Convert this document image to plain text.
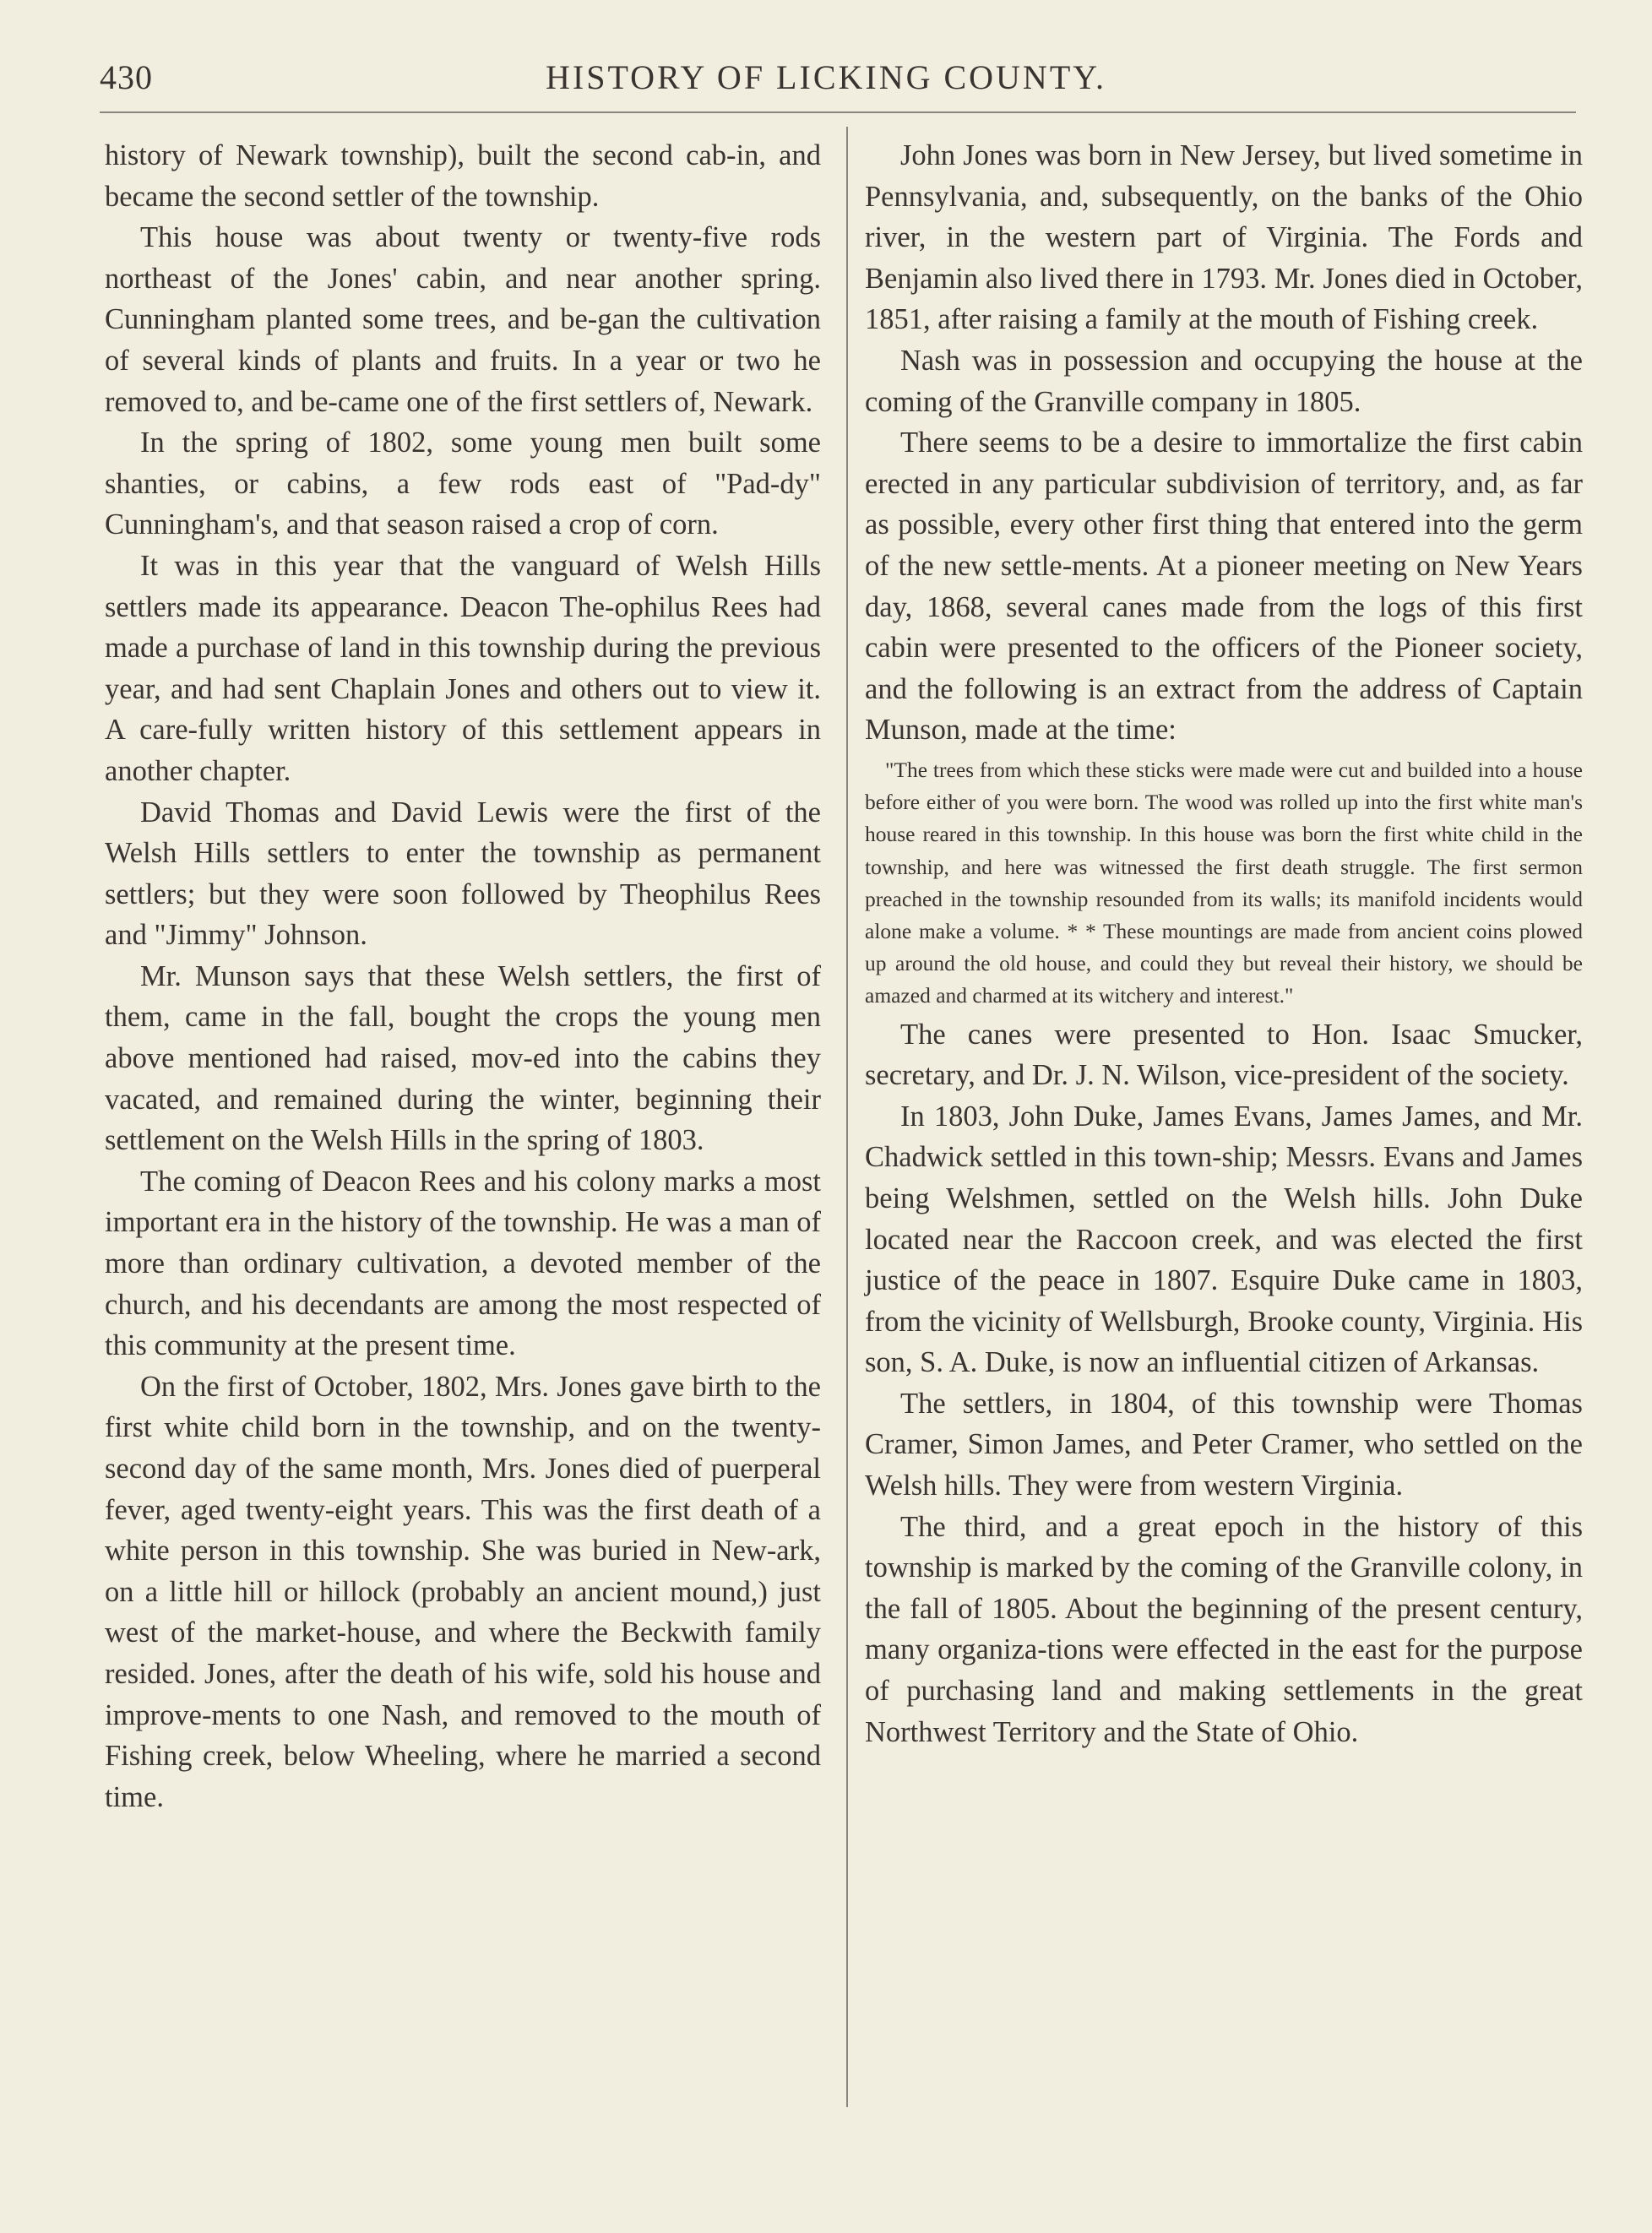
430	HISTORY OF LICKING COUNTY.

history of Newark township), built the second cab-in, and became the second settler of the township.

This house was about twenty or twenty-five rods northeast of the Jones' cabin, and near another spring. Cunningham planted some trees, and be-gan the cultivation of several kinds of plants and fruits. In a year or two he removed to, and be-came one of the first settlers of, Newark.

In the spring of 1802, some young men built some shanties, or cabins, a few rods east of "Pad-dy" Cunningham's, and that season raised a crop of corn.

It was in this year that the vanguard of Welsh Hills settlers made its appearance. Deacon The-ophilus Rees had made a purchase of land in this township during the previous year, and had sent Chaplain Jones and others out to view it. A care-fully written history of this settlement appears in another chapter.

David Thomas and David Lewis were the first of the Welsh Hills settlers to enter the township as permanent settlers; but they were soon followed by Theophilus Rees and "Jimmy" Johnson.

Mr. Munson says that these Welsh settlers, the first of them, came in the fall, bought the crops the young men above mentioned had raised, mov-ed into the cabins they vacated, and remained during the winter, beginning their settlement on the Welsh Hills in the spring of 1803.

The coming of Deacon Rees and his colony marks a most important era in the history of the township. He was a man of more than ordinary cultivation, a devoted member of the church, and his decendants are among the most respected of this community at the present time.

On the first of October, 1802, Mrs. Jones gave birth to the first white child born in the township, and on the twenty-second day of the same month, Mrs. Jones died of puerperal fever, aged twenty-eight years. This was the first death of a white person in this township. She was buried in New-ark, on a little hill or hillock (probably an ancient mound,) just west of the market-house, and where the Beckwith family resided. Jones, after the death of his wife, sold his house and improve-ments to one Nash, and removed to the mouth of Fishing creek, below Wheeling, where he married a second time.

John Jones was born in New Jersey, but lived sometime in Pennsylvania, and, subsequently, on the banks of the Ohio river, in the western part of Virginia. The Fords and Benjamin also lived there in 1793. Mr. Jones died in October, 1851, after raising a family at the mouth of Fishing creek.

Nash was in possession and occupying the house at the coming of the Granville company in 1805.

There seems to be a desire to immortalize the first cabin erected in any particular subdivision of territory, and, as far as possible, every other first thing that entered into the germ of the new settle-ments. At a pioneer meeting on New Years day, 1868, several canes made from the logs of this first cabin were presented to the officers of the Pioneer society, and the following is an extract from the address of Captain Munson, made at the time:

"The trees from which these sticks were made were cut and builded into a house before either of you were born. The wood was rolled up into the first white man's house reared in this township. In this house was born the first white child in the township, and here was witnessed the first death struggle. The first sermon preached in the township resounded from its walls; its manifold incidents would alone make a volume. * * These mountings are made from ancient coins plowed up around the old house, and could they but reveal their history, we should be amazed and charmed at its witchery and interest."

The canes were presented to Hon. Isaac Smucker, secretary, and Dr. J. N. Wilson, vice-president of the society.

In 1803, John Duke, James Evans, James James, and Mr. Chadwick settled in this town-ship; Messrs. Evans and James being Welshmen, settled on the Welsh hills. John Duke located near the Raccoon creek, and was elected the first justice of the peace in 1807. Esquire Duke came in 1803, from the vicinity of Wellsburgh, Brooke county, Virginia. His son, S. A. Duke, is now an influential citizen of Arkansas.

The settlers, in 1804, of this township were Thomas Cramer, Simon James, and Peter Cramer, who settled on the Welsh hills. They were from western Virginia.

The third, and a great epoch in the history of this township is marked by the coming of the Granville colony, in the fall of 1805. About the beginning of the present century, many organiza-tions were effected in the east for the purpose of purchasing land and making settlements in the great Northwest Territory and the State of Ohio.
